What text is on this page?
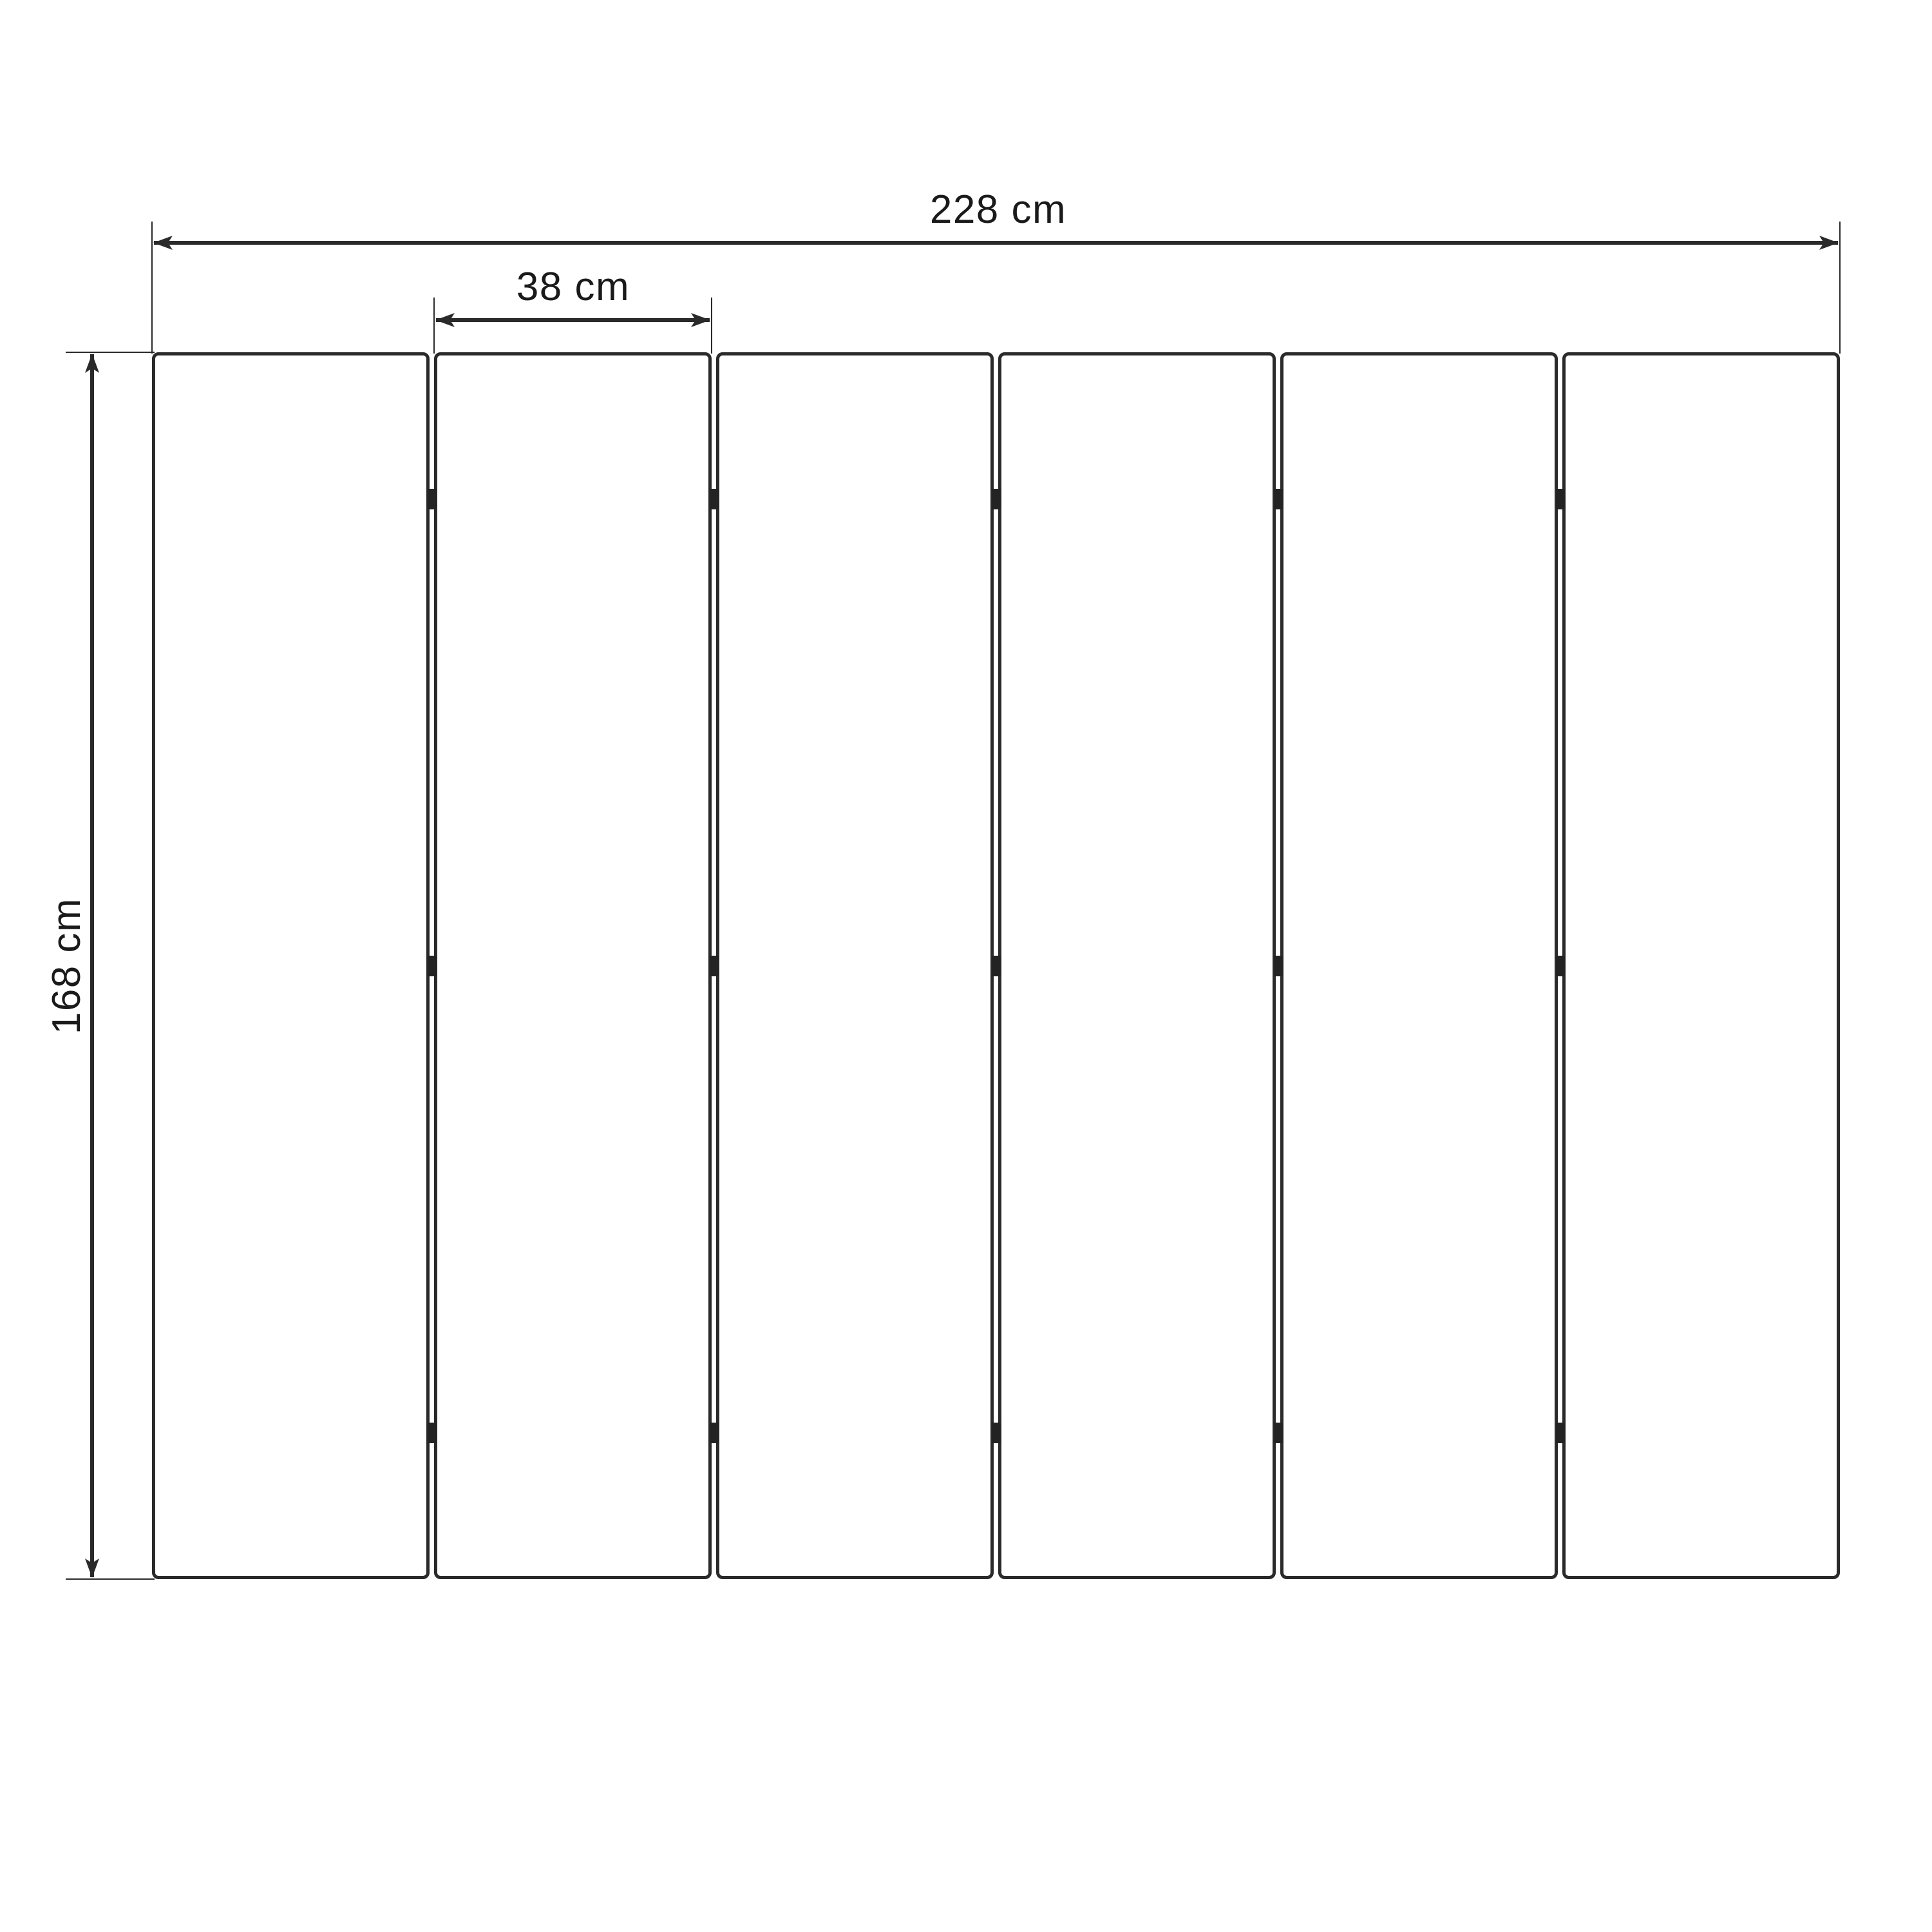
228 cm
38 cm
168 cm
